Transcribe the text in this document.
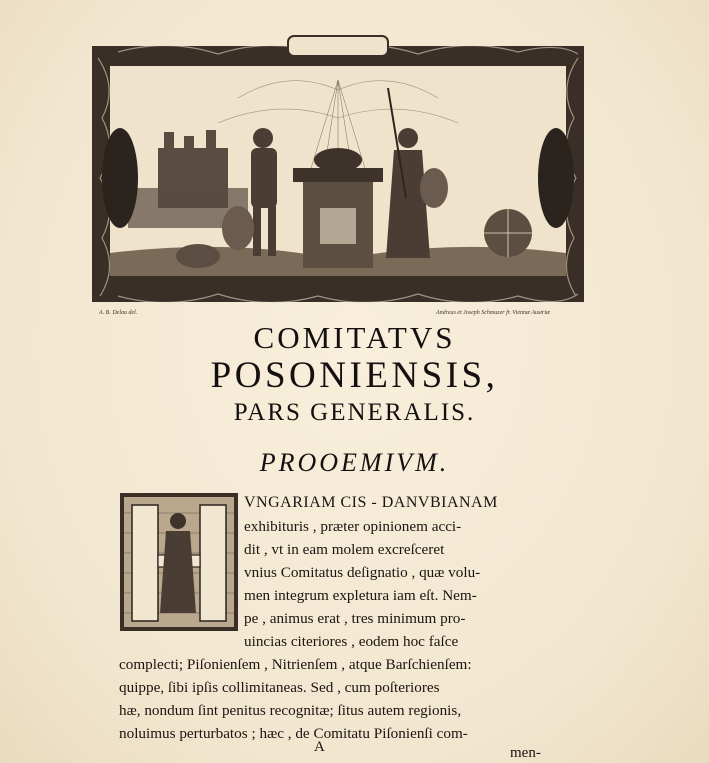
A. B. Delau del.	Andreas et Joseph Schmuzer fr. Viennæ Austriæ
COMITATVS
POSONIENSIS,
PARS GENERALIS.
PROOEMIVM.
VNGARIAM CIS - DANVBIANAM
exhibituris , præter opinionem acci-
dit , vt in eam molem excreſceret
vnius Comitatus deſignatio , quæ volu-
men integrum expletura iam eſt. Nem-
pe , animus erat , tres minimum pro-
uincias citeriores , eodem hoc faſce
complecti; Piſonienſem , Nitrienſem , atque Barſchienſem:
quippe, ſibi ipſis collimitaneas. Sed , cum poſteriores
hæ, nondum ſint penitus recognitæ; ſitus autem regionis,
noluimus perturbatos ; hæc , de Comitatu Piſonienſi com-
A	men-
